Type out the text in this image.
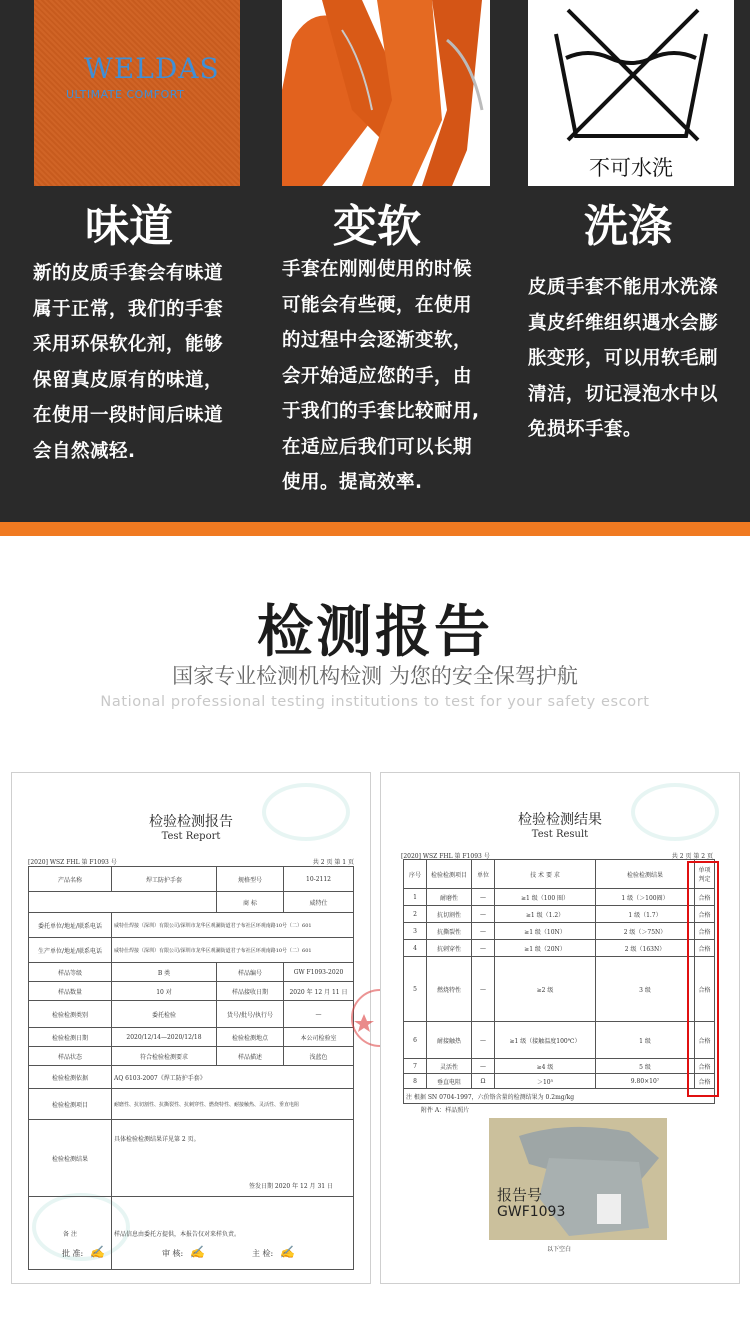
WELDAS
ULTIMATE COMFORT
不可水洗
味道	变软	洗涤
新的皮质手套会有味道
属于正常，我们的手套
采用环保软化剂，能够
保留真皮原有的味道，
在使用一段时间后味道
会自然减轻.
手套在刚刚使用的时候
可能会有些硬，在使用
的过程中会逐渐变软，
会开始适应您的手，由
于我们的手套比较耐用,
在适应后我们可以长期
使用。提高效率.
皮质手套不能用水洗涤
真皮纤维组织遇水会膨
胀变形，可以用软毛刷
清洁，切记浸泡水中以
免损坏手套。
检测报告
国家专业检测机构检测 为您的安全保驾护航
National professional testing institutions to test for your safety escort
检验检测报告
Test Report
[2020] WSZ FHL 第 F1093 号	共 2 页 第 1 页
产品名称	焊工防护手套	规格型号	10-2112
		商 标	威特仕
委托单位/地址/联系电话	威特仕焊接（深圳）有限公司/深圳市龙华区观澜街道君子布社区环观南路10号（二）601		
生产单位/地址/联系电话	威特仕焊接（深圳）有限公司/深圳市龙华区观澜街道君子布社区环观南路10号（二）601		
样品等级	B 类	样品编号	GW F1093-2020
样品数量	10 对	样品接收日期	2020 年 12 月 11 日
检验检测类别	委托检验	货号/批号/执行号	—
检验检测日期	2020/12/14—2020/12/18	检验检测地点	本公司检验室
样品状态	符合检验检测要求	样品描述	浅蓝色
检验检测依据	AQ 6103-2007《焊工防护手套》		
检验检测项目	耐磨性、抗切割性、抗撕裂性、抗刺穿性、燃烧特性、耐接触热、灵活性、垂直电阻		
检验检测结果	具体检验检测结果详见第 2 页。
签发日期 2020 年 12 月 31 日		

备 注	样品信息由委托方提供，本报告仅对来样负责。		
批 准: ✍	审 核: ✍	主 检: ✍
检验检测结果
Test Result
[2020] WSZ FHL 第 F1093 号	共 2 页 第 2 页
序号	检验检测项目	单位	技 术 要 求	检验检测结果	单项判定
1	耐磨性	—	≥1 级（100 圈）	1 级（＞100圈）	合格
2	抗切割性	—	≥1 级（1.2）	1 级（1.7）	合格
3	抗撕裂性	—	≥1 级（10N）	2 级（＞75N）	合格
4	抗刺穿性	—	≥1 级（20N）	2 级（163N）	合格
5	燃烧特性	—	≥2 级	3 级	合格
6	耐接触热	—	≥1 级（接触温度100℃）	1 级	合格
7	灵活性	—	≥4 级	5 级	合格
8	垂直电阻	Ω	＞10⁵	9.80×10⁷	合格
注 根据 SN 0704-1997，六价铬含量的检测结果为 0.2mg/kg					
附件 A：样品照片
报告号
GWF1093
以下空白
